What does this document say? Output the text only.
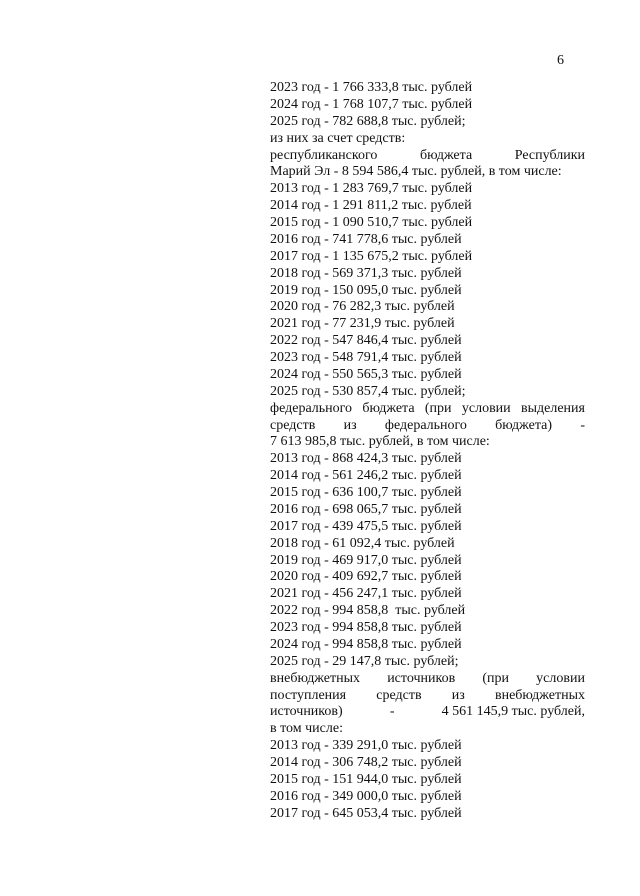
6
2023 год - 1 766 333,8 тыс. рублей
2024 год - 1 768 107,7 тыс. рублей
2025 год - 782 688,8 тыс. рублей;
из них за счет средств:
республиканского	бюджета	Республики
Марий Эл - 8 594 586,4 тыс. рублей, в том числе:
2013 год - 1 283 769,7 тыс. рублей
2014 год - 1 291 811,2 тыс. рублей
2015 год - 1 090 510,7 тыс. рублей
2016 год - 741 778,6 тыс. рублей
2017 год - 1 135 675,2 тыс. рублей
2018 год - 569 371,3 тыс. рублей
2019 год - 150 095,0 тыс. рублей
2020 год - 76 282,3 тыс. рублей
2021 год - 77 231,9 тыс. рублей
2022 год - 547 846,4 тыс. рублей
2023 год - 548 791,4 тыс. рублей
2024 год - 550 565,3 тыс. рублей
2025 год - 530 857,4 тыс. рублей;
федерального бюджета (при условии выделения
средств из федерального бюджета) -
7 613 985,8 тыс. рублей, в том числе:
2013 год - 868 424,3 тыс. рублей
2014 год - 561 246,2 тыс. рублей
2015 год - 636 100,7 тыс. рублей
2016 год - 698 065,7 тыс. рублей
2017 год - 439 475,5 тыс. рублей
2018 год - 61 092,4 тыс. рублей
2019 год - 469 917,0 тыс. рублей
2020 год - 409 692,7 тыс. рублей
2021 год - 456 247,1 тыс. рублей
2022 год - 994 858,8  тыс. рублей
2023 год - 994 858,8 тыс. рублей
2024 год - 994 858,8 тыс. рублей
2025 год - 29 147,8 тыс. рублей;
внебюджетных источников (при условии
поступления средств из внебюджетных
источников)	-	4 561 145,9 тыс. рублей,
в том числе:
2013 год - 339 291,0 тыс. рублей
2014 год - 306 748,2 тыс. рублей
2015 год - 151 944,0 тыс. рублей
2016 год - 349 000,0 тыс. рублей
2017 год - 645 053,4 тыс. рублей
